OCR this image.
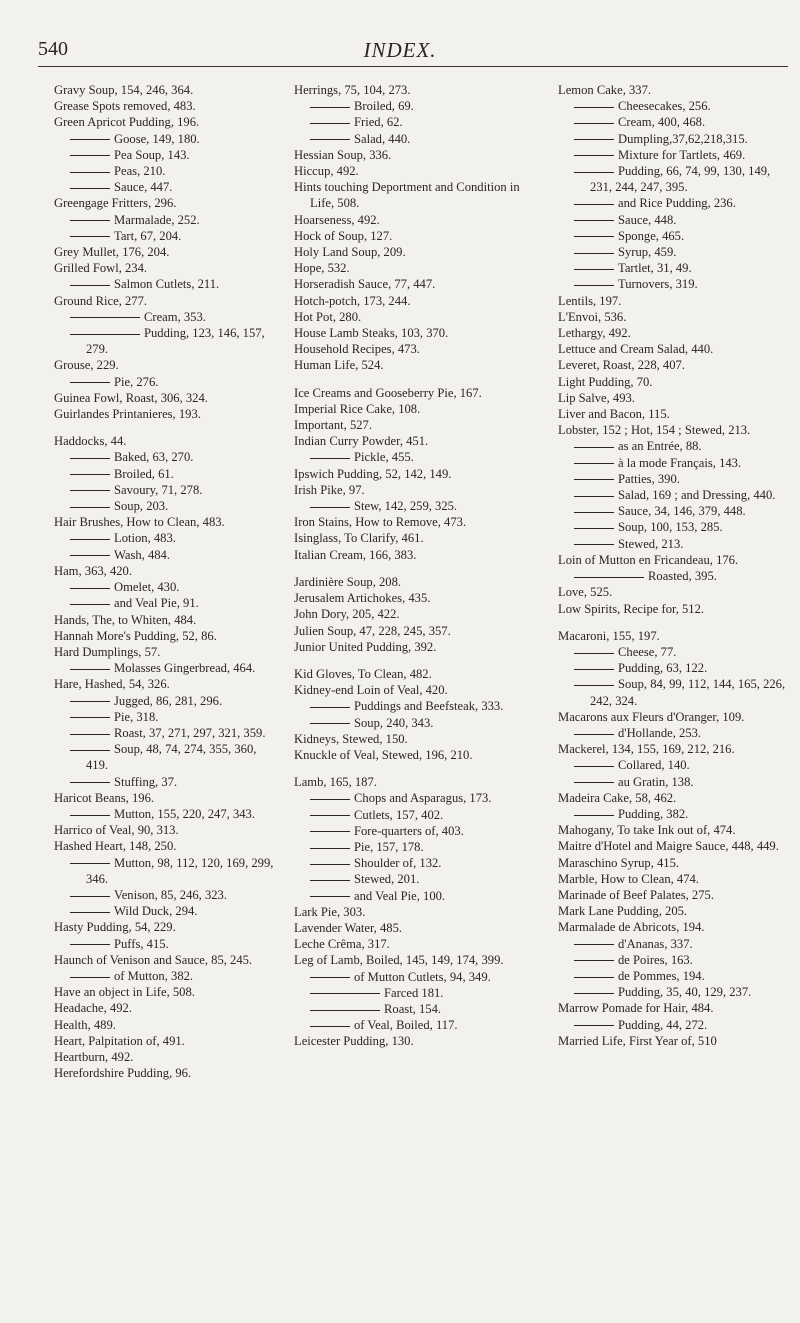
540	INDEX.

Gravy Soup, 154, 246, 364.

Grease Spots removed, 483.

Green Apricot Pudding, 196.

Goose, 149, 180.

Pea Soup, 143.

Peas, 210.

Sauce, 447.

Greengage Fritters, 296.

Marmalade, 252.

Tart, 67, 204.

Grey Mullet, 176, 204.

Grilled Fowl, 234.

Salmon Cutlets, 211.

Ground Rice, 277.

Cream, 353.

Pudding, 123, 146, 157, 279.

Grouse, 229.

Pie, 276.

Guinea Fowl, Roast, 306, 324.

Guirlandes Printanieres, 193.

Haddocks, 44.

Baked, 63, 270.

Broiled, 61.

Savoury, 71, 278.

Soup, 203.

Hair Brushes, How to Clean, 483.

Lotion, 483.

Wash, 484.

Ham, 363, 420.

Omelet, 430.

and Veal Pie, 91.

Hands, The, to Whiten, 484.

Hannah More's Pudding, 52, 86.

Hard Dumplings, 57.

Molasses Gingerbread, 464.

Hare, Hashed, 54, 326.

Jugged, 86, 281, 296.

Pie, 318.

Roast, 37, 271, 297, 321, 359.

Soup, 48, 74, 274, 355, 360, 419.

Stuffing, 37.

Haricot Beans, 196.

Mutton, 155, 220, 247, 343.

Harrico of Veal, 90, 313.

Hashed Heart, 148, 250.

Mutton, 98, 112, 120, 169, 299, 346.

Venison, 85, 246, 323.

Wild Duck, 294.

Hasty Pudding, 54, 229.

Puffs, 415.

Haunch of Venison and Sauce, 85, 245.

of Mutton, 382.

Have an object in Life, 508.

Headache, 492.

Health, 489.

Heart, Palpitation of, 491.

Heartburn, 492.

Herefordshire Pudding, 96.

Herrings, 75, 104, 273.

Broiled, 69.

Fried, 62.

Salad, 440.

Hessian Soup, 336.

Hiccup, 492.

Hints touching Deportment and Condition in Life, 508.

Hoarseness, 492.

Hock of Soup, 127.

Holy Land Soup, 209.

Hope, 532.

Horseradish Sauce, 77, 447.

Hotch-potch, 173, 244.

Hot Pot, 280.

House Lamb Steaks, 103, 370.

Household Recipes, 473.

Human Life, 524.

Ice Creams and Gooseberry Pie, 167.

Imperial Rice Cake, 108.

Important, 527.

Indian Curry Powder, 451.

Pickle, 455.

Ipswich Pudding, 52, 142, 149.

Irish Pike, 97.

Stew, 142, 259, 325.

Iron Stains, How to Remove, 473.

Isinglass, To Clarify, 461.

Italian Cream, 166, 383.

Jardinière Soup, 208.

Jerusalem Artichokes, 435.

John Dory, 205, 422.

Julien Soup, 47, 228, 245, 357.

Junior United Pudding, 392.

Kid Gloves, To Clean, 482.

Kidney-end Loin of Veal, 420.

Puddings and Beefsteak, 333.

Soup, 240, 343.

Kidneys, Stewed, 150.

Knuckle of Veal, Stewed, 196, 210.

Lamb, 165, 187.

Chops and Asparagus, 173.

Cutlets, 157, 402.

Fore-quarters of, 403.

Pie, 157, 178.

Shoulder of, 132.

Stewed, 201.

and Veal Pie, 100.

Lark Pie, 303.

Lavender Water, 485.

Leche Crêma, 317.

Leg of Lamb, Boiled, 145, 149, 174, 399.

of Mutton Cutlets, 94, 349.

Farced 181.

Roast, 154.

of Veal, Boiled, 117.

Leicester Pudding, 130.

Lemon Cake, 337.

Cheesecakes, 256.

Cream, 400, 468.

Dumpling,37,62,218,315.

Mixture for Tartlets, 469.

Pudding, 66, 74, 99, 130, 149, 231, 244, 247, 395.

and Rice Pudding, 236.

Sauce, 448.

Sponge, 465.

Syrup, 459.

Tartlet, 31, 49.

Turnovers, 319.

Lentils, 197.

L'Envoi, 536.

Lethargy, 492.

Lettuce and Cream Salad, 440.

Leveret, Roast, 228, 407.

Light Pudding, 70.

Lip Salve, 493.

Liver and Bacon, 115.

Lobster, 152 ; Hot, 154 ; Stewed, 213.

as an Entrée, 88.

à la mode Français, 143.

Patties, 390.

Salad, 169 ; and Dressing, 440.

Sauce, 34, 146, 379, 448.

Soup, 100, 153, 285.

Stewed, 213.

Loin of Mutton en Fricandeau, 176.

Roasted, 395.

Love, 525.

Low Spirits, Recipe for, 512.

Macaroni, 155, 197.

Cheese, 77.

Pudding, 63, 122.

Soup, 84, 99, 112, 144, 165, 226, 242, 324.

Macarons aux Fleurs d'Oranger, 109.

d'Hollande, 253.

Mackerel, 134, 155, 169, 212, 216.

Collared, 140.

au Gratin, 138.

Madeira Cake, 58, 462.

Pudding, 382.

Mahogany, To take Ink out of, 474.

Maitre d'Hotel and Maigre Sauce, 448, 449.

Maraschino Syrup, 415.

Marble, How to Clean, 474.

Marinade of Beef Palates, 275.

Mark Lane Pudding, 205.

Marmalade de Abricots, 194.

d'Ananas, 337.

de Poires, 163.

de Pommes, 194.

Pudding, 35, 40, 129, 237.

Marrow Pomade for Hair, 484.

Pudding, 44, 272.

Married Life, First Year of, 510
